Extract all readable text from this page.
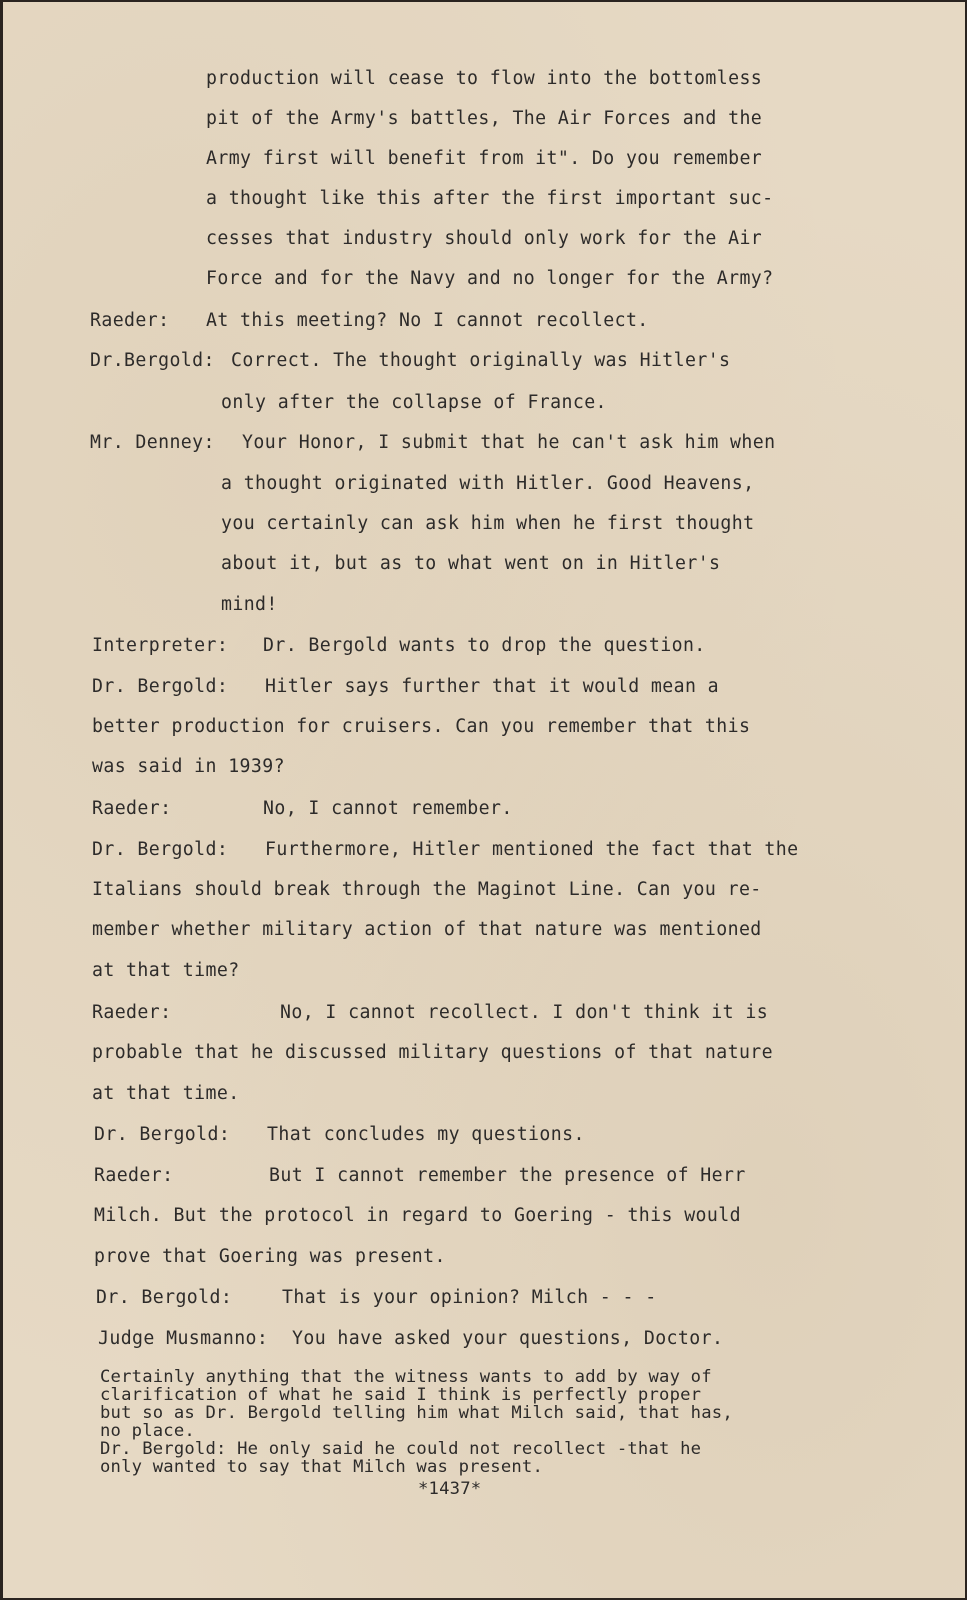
production will cease to flow into the bottomless
pit of the Army's battles, The Air Forces and the
Army first will benefit from it". Do you remember
a thought like this after the first important suc-
cesses that industry should only work for the Air
Force and for the Navy and no longer for the Army?
Raeder: At this meeting? No I cannot recollect.
Dr.Bergold: Correct. The thought originally was Hitler's
only after the collapse of France.
Mr. Denney: Your Honor, I submit that he can't ask him when
a thought originated with Hitler. Good Heavens,
you certainly can ask him when he first thought
about it, but as to what went on in Hitler's
mind!
Interpreter: Dr. Bergold wants to drop the question.
Dr. Bergold: Hitler says further that it would mean a
better production for cruisers. Can you remember that this
was said in 1939?
Raeder:	No, I cannot remember.
Dr. Bergold: Furthermore, Hitler mentioned the fact that the
Italians should break through the Maginot Line. Can you re-
member whether military action of that nature was mentioned
at that time?
Raeder:	No, I cannot recollect. I don't think it is
probable that he discussed military questions of that nature
at that time.
Dr. Bergold: That concludes my questions.
Raeder:	But I cannot remember the presence of Herr
Milch. But the protocol in regard to Goering - this would
prove that Goering was present.
Dr. Bergold:	That is your opinion? Milch - - -
Judge Musmanno: You have asked your questions, Doctor.
Certainly anything that the witness wants to add by way of
clarification of what he said I think is perfectly proper
but so as Dr. Bergold telling him what Milch said, that has,
no place.
Dr. Bergold: He only said he could not recollect -that he
only wanted to say that Milch was present.
*1437*
